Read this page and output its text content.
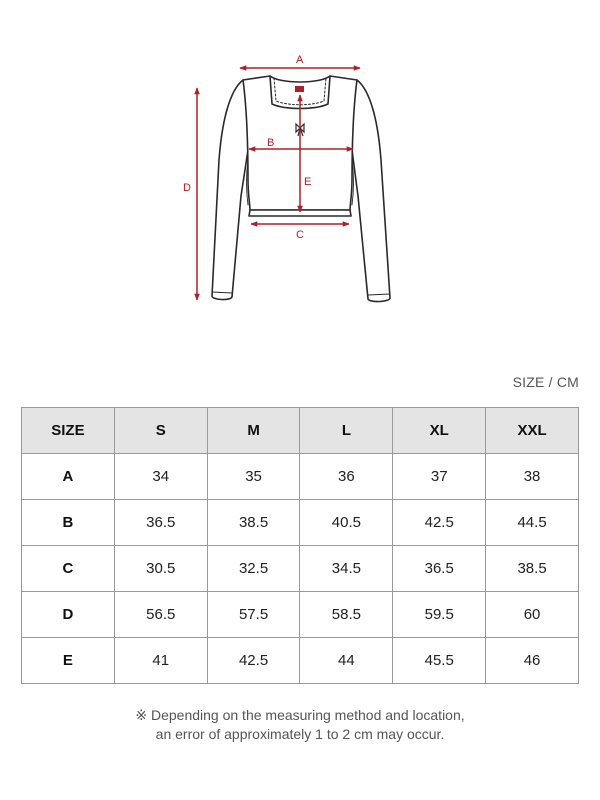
A
B
C
D	E
SIZE / CM
SIZE	S	M	L	XL	XXL
A	34	35	36	37	38
B	36.5	38.5	40.5	42.5	44.5
C	30.5	32.5	34.5	36.5	38.5
D	56.5	57.5	58.5	59.5	60
E	41	42.5	44	45.5	46
※ Depending on the measuring method and location,
an error of approximately 1 to 2 cm may occur.
